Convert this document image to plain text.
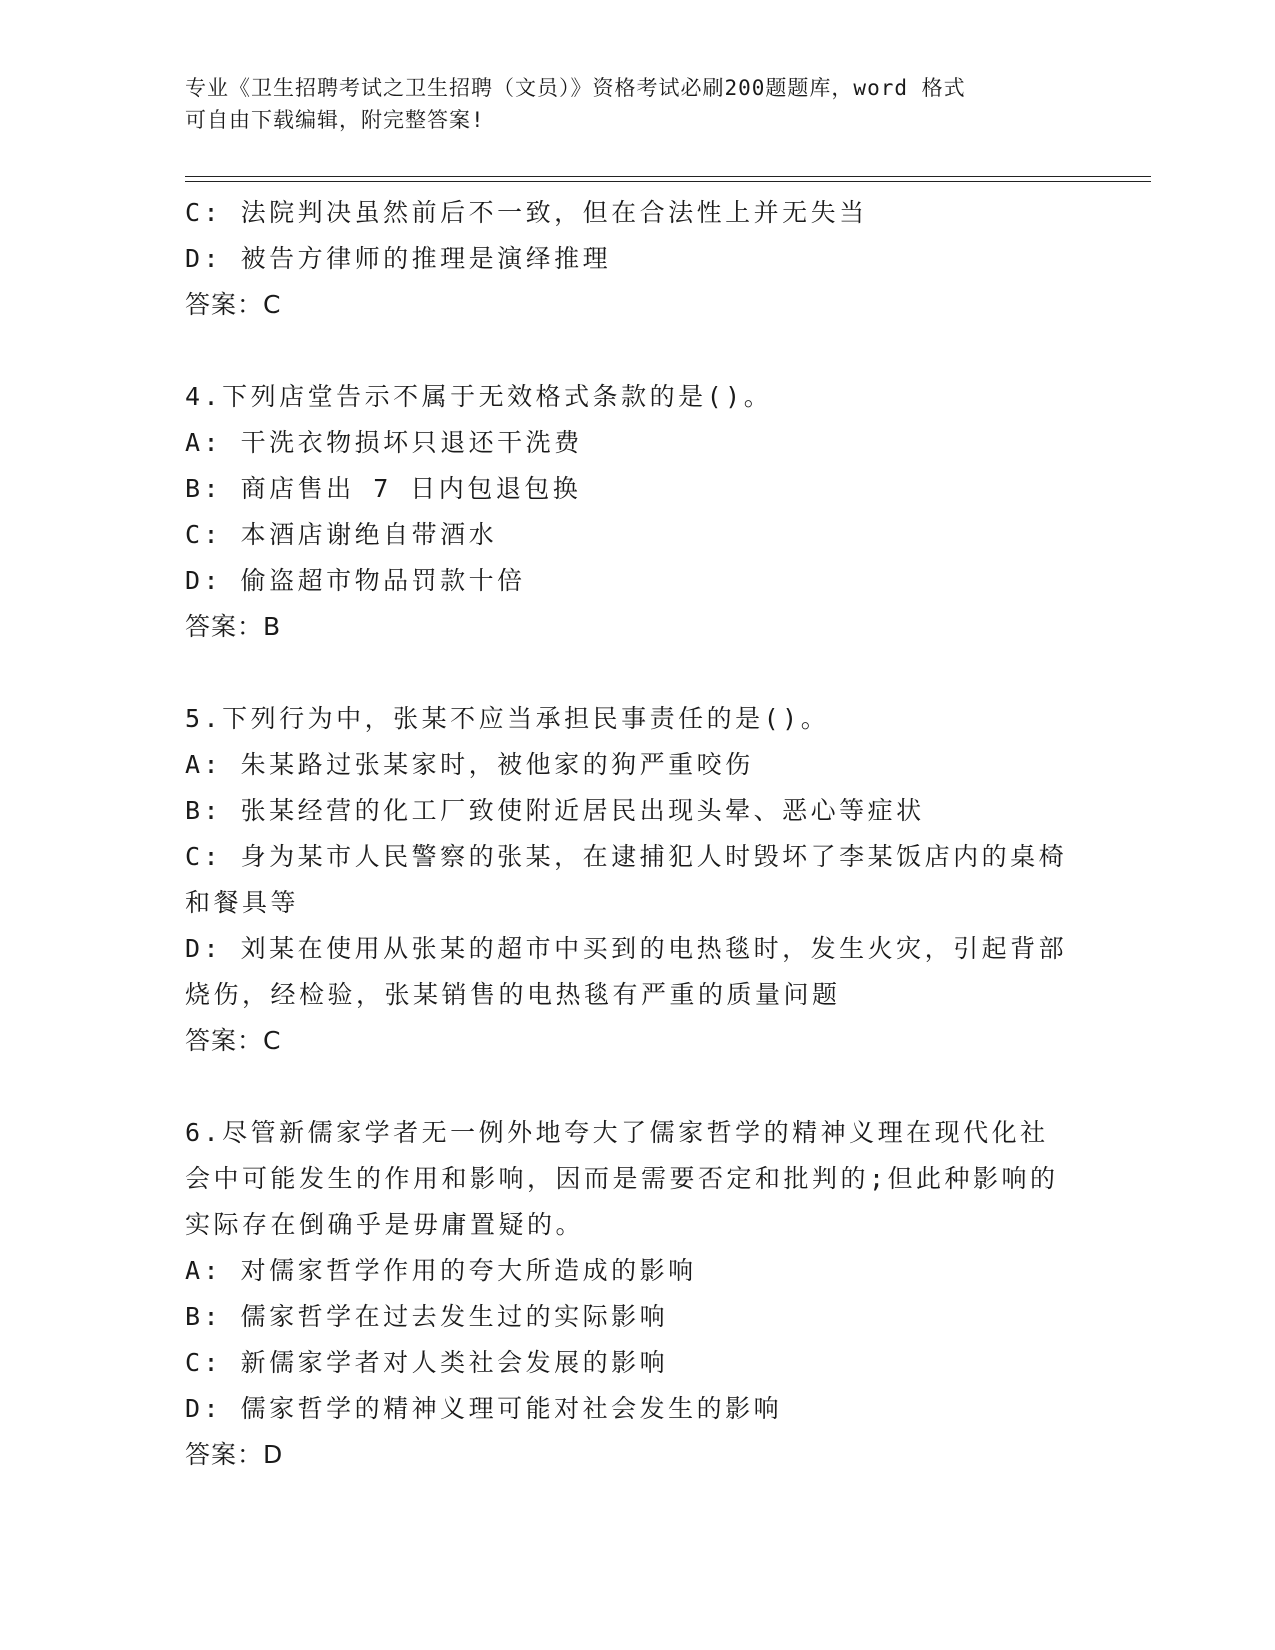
专业《卫生招聘考试之卫生招聘（文员）》资格考试必刷200题题库，word 格式
可自由下载编辑，附完整答案!

C: 法院判决虽然前后不一致，但在合法性上并无失当

D: 被告方律师的推理是演绎推理

答案：C

4.下列店堂告示不属于无效格式条款的是()。

A: 干洗衣物损坏只退还干洗费

B: 商店售出 7 日内包退包换

C: 本酒店谢绝自带酒水

D: 偷盗超市物品罚款十倍

答案：B

5.下列行为中，张某不应当承担民事责任的是()。

A: 朱某路过张某家时，被他家的狗严重咬伤

B: 张某经营的化工厂致使附近居民出现头晕、恶心等症状

C: 身为某市人民警察的张某，在逮捕犯人时毁坏了李某饭店内的桌椅

和餐具等

D: 刘某在使用从张某的超市中买到的电热毯时，发生火灾，引起背部

烧伤，经检验，张某销售的电热毯有严重的质量问题

答案：C

6.尽管新儒家学者无一例外地夸大了儒家哲学的精神义理在现代化社

会中可能发生的作用和影响，因而是需要否定和批判的;但此种影响的

实际存在倒确乎是毋庸置疑的。

A: 对儒家哲学作用的夸大所造成的影响

B: 儒家哲学在过去发生过的实际影响

C: 新儒家学者对人类社会发展的影响

D: 儒家哲学的精神义理可能对社会发生的影响

答案：D
